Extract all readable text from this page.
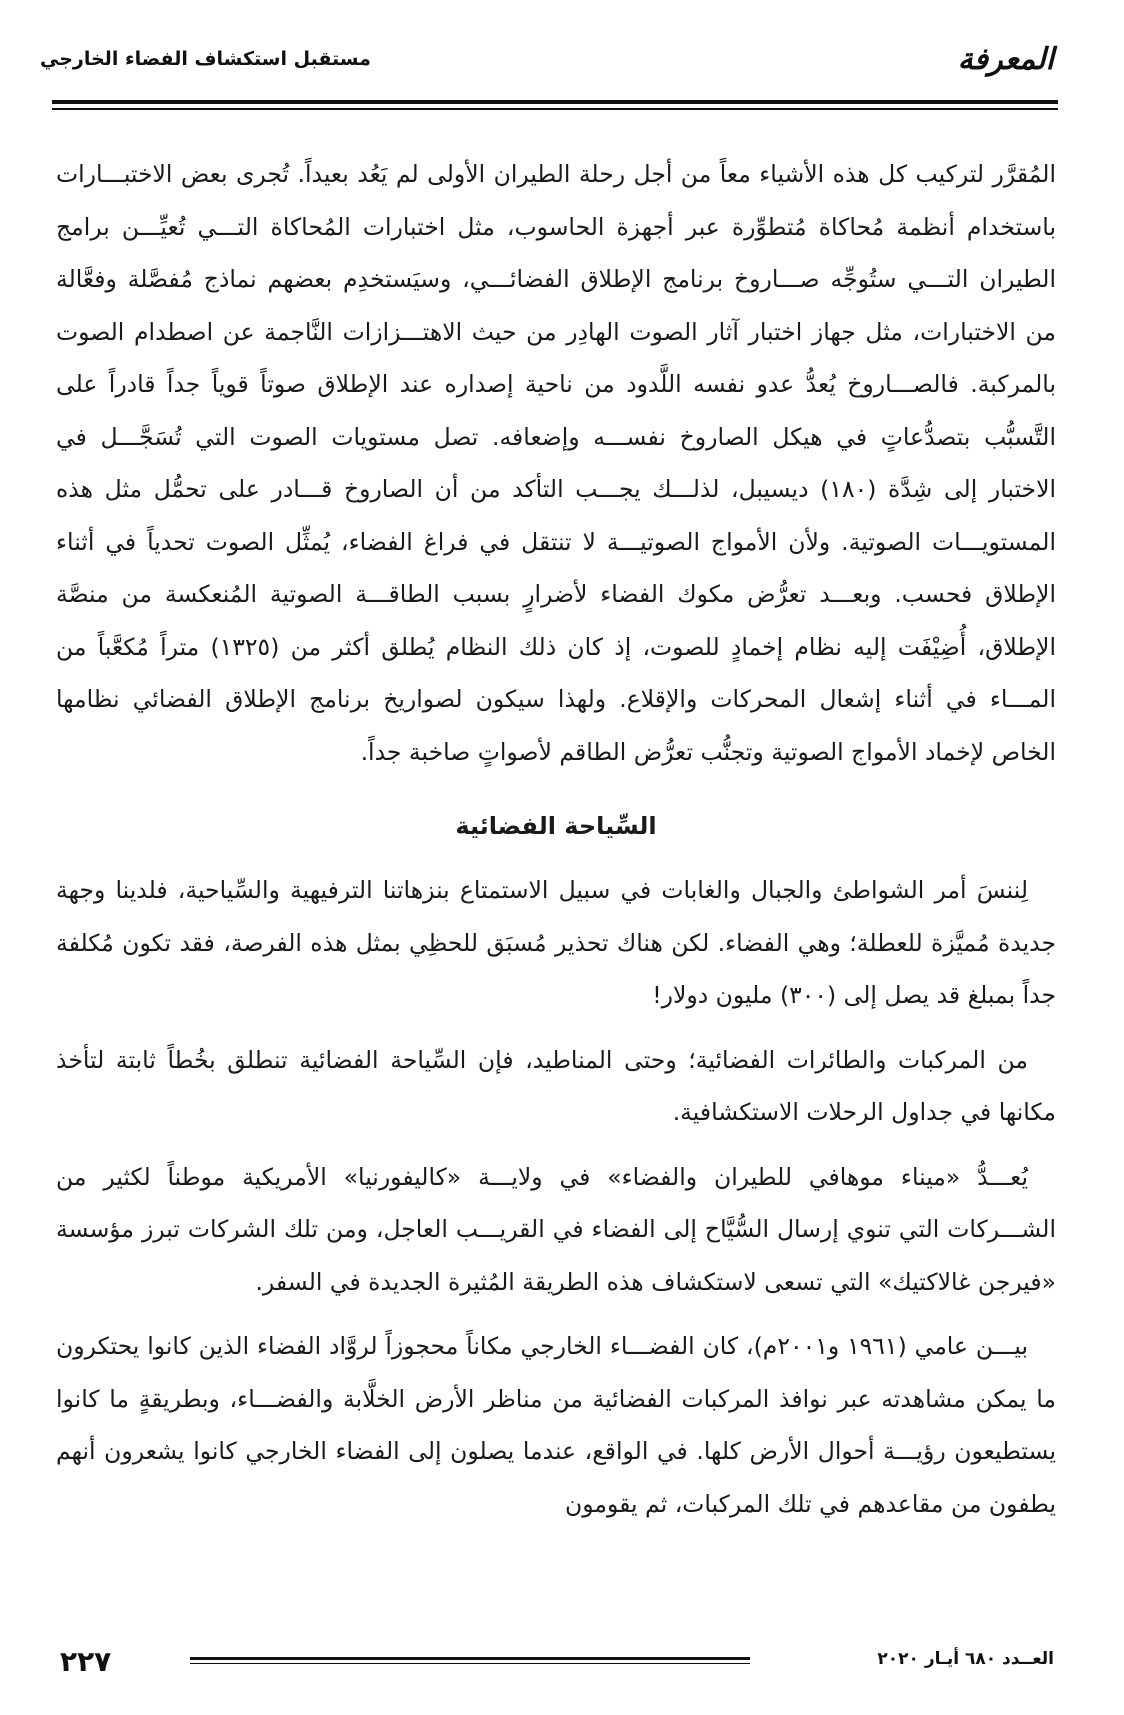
المعرفة
مستقبل استكشاف الفضاء الخارجي

المُقرَّر لتركيب كل هذه الأشياء معاً من أجل رحلة الطيران الأولى لم يَعُد بعيداً. تُجرى بعض الاختبـــارات باستخدام أنظمة مُحاكاة مُتطوِّرة عبر أجهزة الحاسوب، مثل اختبارات المُحاكاة التـــي تُعيِّـــن برامج الطيران التـــي ستُوجِّه صـــاروخ برنامج الإطلاق الفضائـــي، وسيَستخدِم بعضهم نماذج مُفصَّلة وفعَّالة من الاختبارات، مثل جهاز اختبار آثار الصوت الهادِر من حيث الاهتـــزازات النَّاجمة عن اصطدام الصوت بالمركبة. فالصـــاروخ يُعدُّ عدو نفسه اللَّدود من ناحية إصداره عند الإطلاق صوتاً قوياً جداً قادراً على التَّسبُّب بتصدُّعاتٍ في هيكل الصاروخ نفســـه وإضعافه. تصل مستويات الصوت التي تُسَجَّـــل في الاختبار إلى شِدَّة (١٨٠) ديسيبل، لذلـــك يجـــب التأكد من أن الصاروخ قـــادر على تحمُّل مثل هذه المستويـــات الصوتية. ولأن الأمواج الصوتيـــة لا تنتقل في فراغ الفضاء، يُمثِّل الصوت تحدياً في أثناء الإطلاق فحسب. وبعـــد تعرُّض مكوك الفضاء لأضرارٍ بسبب الطاقـــة الصوتية المُنعكسة من منصَّة الإطلاق، أُضِيْفَت إليه نظام إخمادٍ للصوت، إذ كان ذلك النظام يُطلق أكثر من (١٣٢٥) متراً مُكعَّباً من المـــاء في أثناء إشعال المحركات والإقلاع. ولهذا سيكون لصواريخ برنامج الإطلاق الفضائي نظامها الخاص لإخماد الأمواج الصوتية وتجنُّب تعرُّض الطاقم لأصواتٍ صاخبة جداً.

السِّياحة الفضائية

لِننسَ أمر الشواطئ والجبال والغابات في سبيل الاستمتاع بنزهاتنا الترفيهية والسِّياحية، فلدينا وجهة جديدة مُميَّزة للعطلة؛ وهي الفضاء. لكن هناك تحذير مُسبَق للحظِي بمثل هذه الفرصة، فقد تكون مُكلفة جداً بمبلغ قد يصل إلى (٣٠٠) مليون دولار!

من المركبات والطائرات الفضائية؛ وحتى المناطيد، فإن السِّياحة الفضائية تنطلق بخُطاً ثابتة لتأخذ مكانها في جداول الرحلات الاستكشافية.

يُعـــدُّ «ميناء موهافي للطيران والفضاء» في ولايـــة «كاليفورنيا» الأمريكية موطناً لكثير من الشـــركات التي تنوي إرسال السُّيَّاح إلى الفضاء في القريـــب العاجل، ومن تلك الشركات تبرز مؤسسة «فيرجن غالاكتيك» التي تسعى لاستكشاف هذه الطريقة المُثيرة الجديدة في السفر.

بيـــن عامي (١٩٦١ و٢٠٠١م)، كان الفضـــاء الخارجي مكاناً محجوزاً لروَّاد الفضاء الذين كانوا يحتكرون ما يمكن مشاهدته عبر نوافذ المركبات الفضائية من مناظر الأرض الخلَّابة والفضـــاء، وبطريقةٍ ما كانوا يستطيعون رؤيـــة أحوال الأرض كلها. في الواقع، عندما يصلون إلى الفضاء الخارجي كانوا يشعرون أنهم يطفون من مقاعدهم في تلك المركبات، ثم يقومون

٢٢٧	العــدد ٦٨٠ أيـار ٢٠٢٠
